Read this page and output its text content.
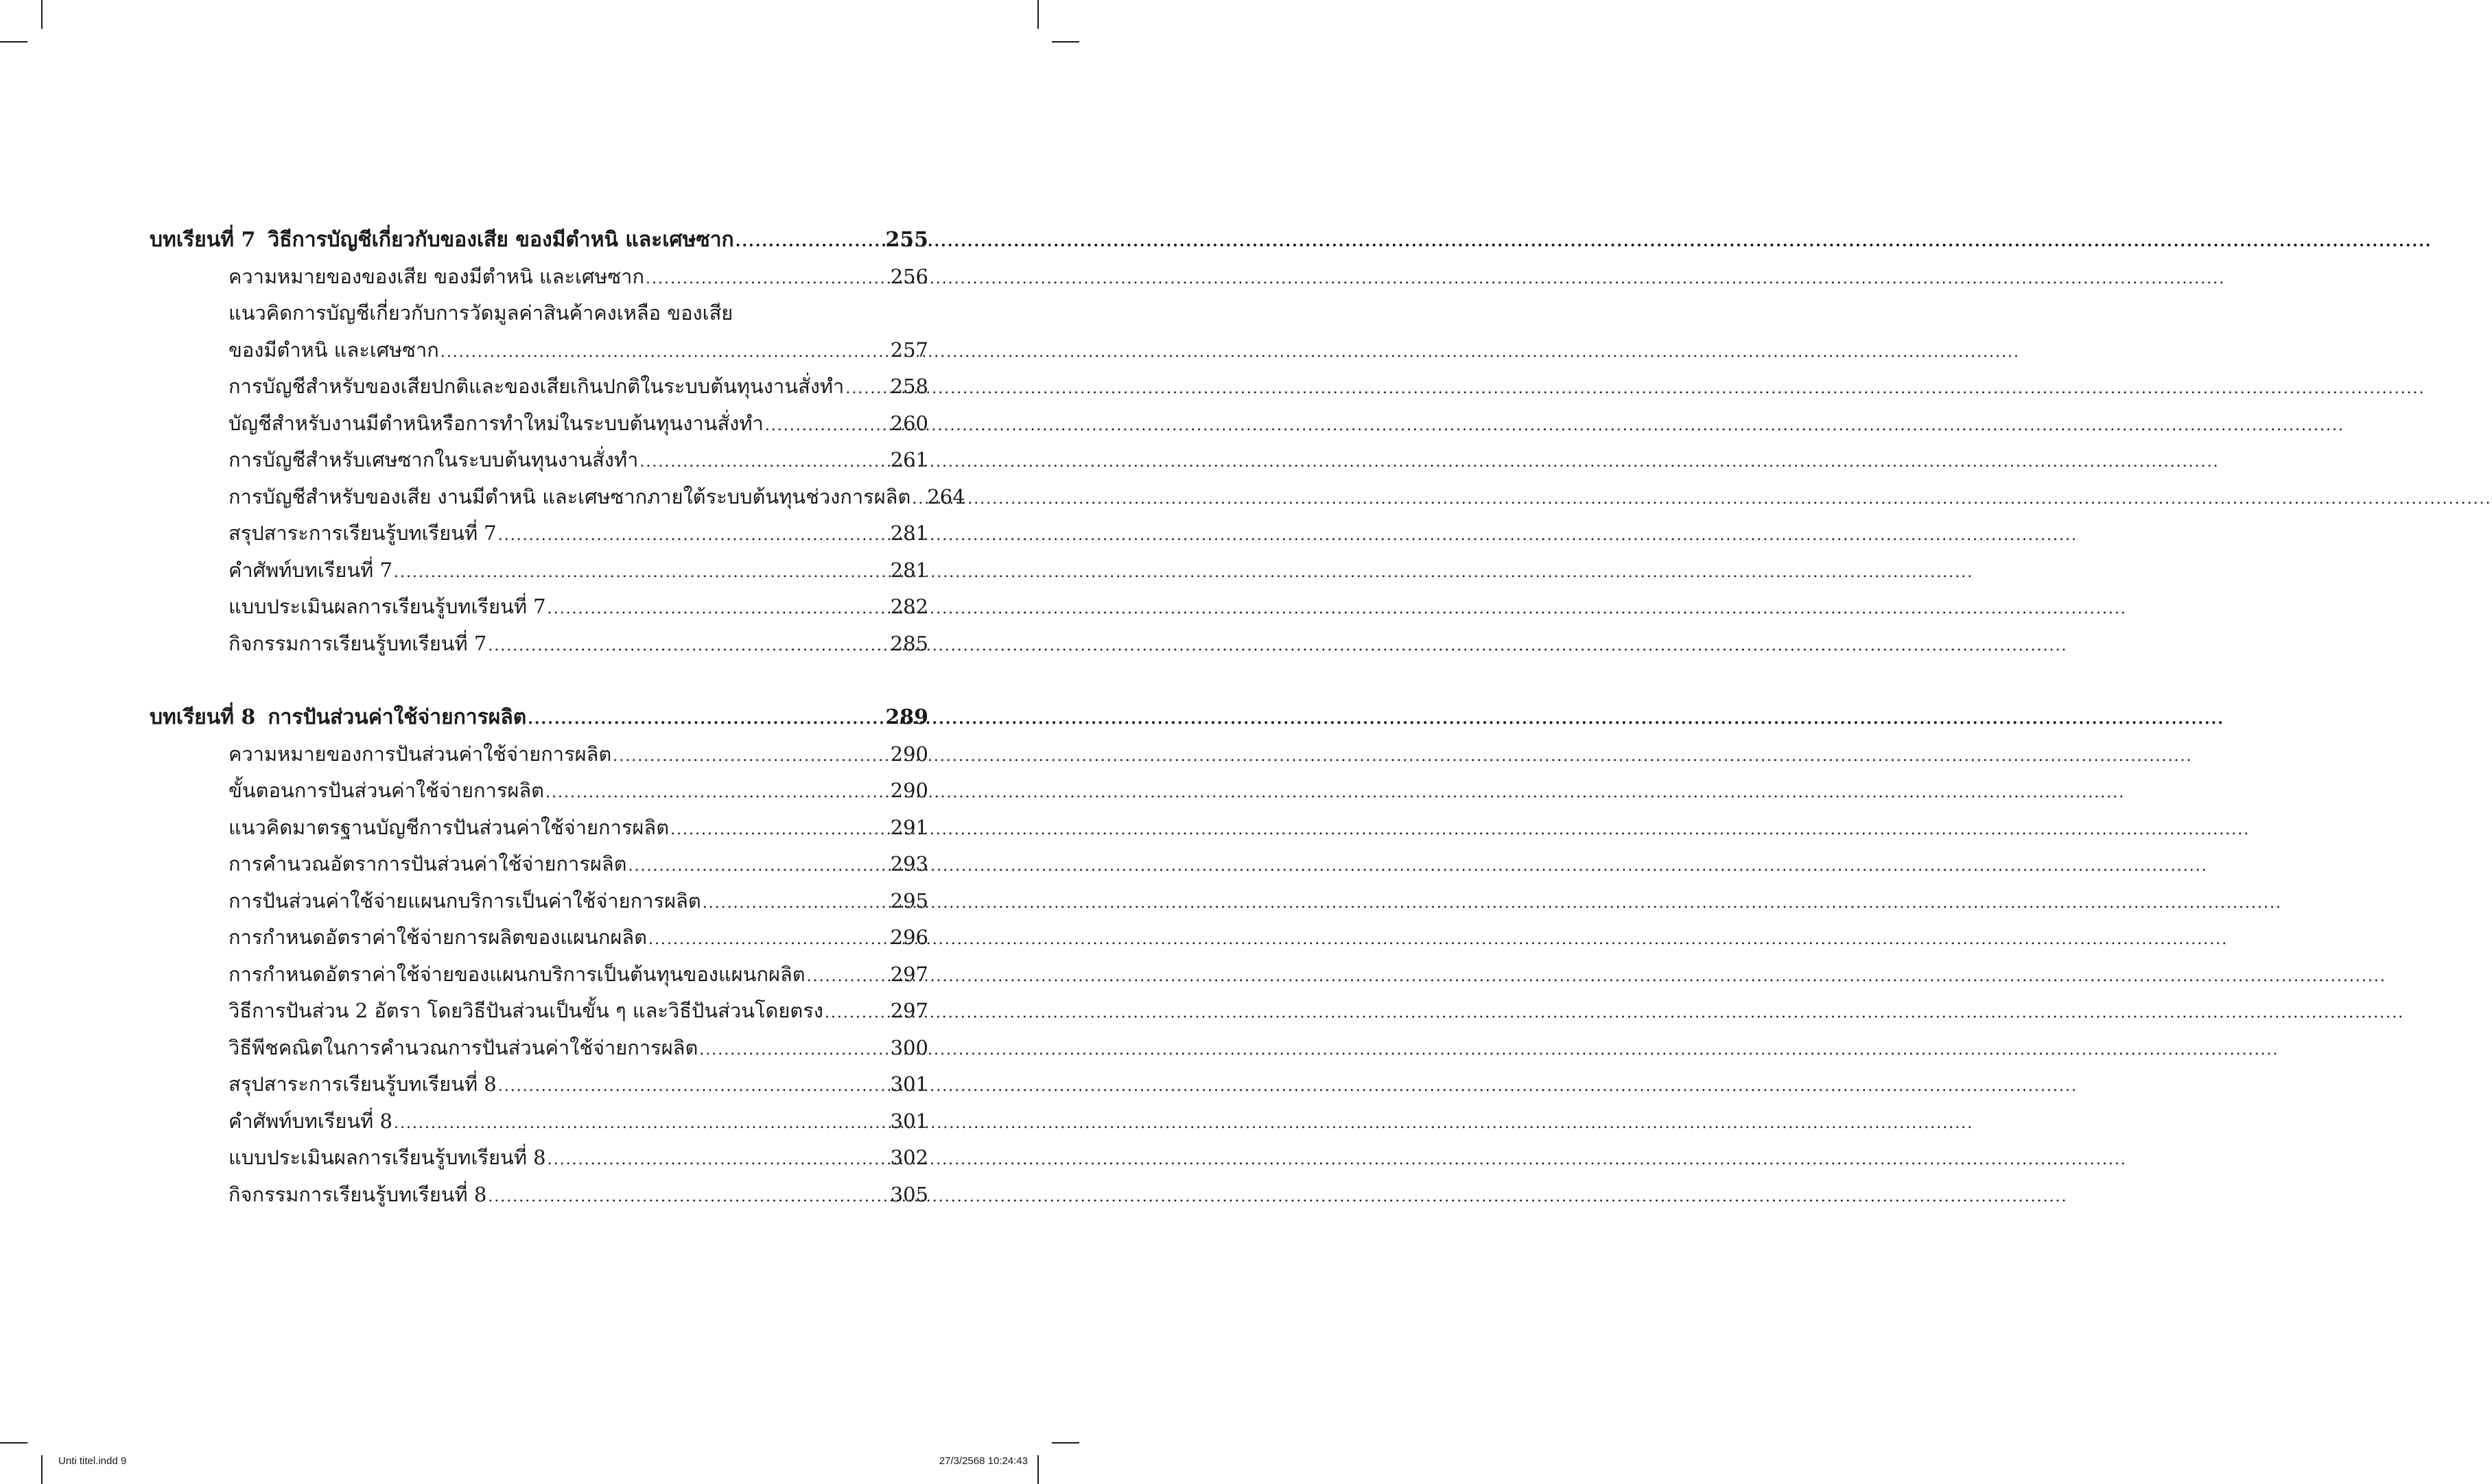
บทเรียนที่ 7 วิธีการบัญชีเกี่ยวกับของเสีย ของมีตำหนิ และเศษซาก .....	255
ความหมายของของเสีย ของมีตำหนิ และเศษซาก .....	256
แนวคิดการบัญชีเกี่ยวกับการวัดมูลค่าสินค้าคงเหลือ ของเสีย
ของมีตำหนิ และเศษซาก .....	257
การบัญชีสำหรับของเสียปกติและของเสียเกินปกติในระบบต้นทุนงานสั่งทำ ..... 258
บัญชีสำหรับงานมีตำหนิหรือการทำใหม่ในระบบต้นทุนงานสั่งทำ .....	260
การบัญชีสำหรับเศษซากในระบบต้นทุนงานสั่งทำ .....	261
การบัญชีสำหรับของเสีย งานมีตำหนิ และเศษซากภายใต้ระบบต้นทุนช่วงการผลิต ..... 264
สรุปสาระการเรียนรู้บทเรียนที่ 7 .....	281
คำศัพท์บทเรียนที่ 7 .....	281
แบบประเมินผลการเรียนรู้บทเรียนที่ 7 .....	282
กิจกรรมการเรียนรู้บทเรียนที่ 7 .....	285
บทเรียนที่ 8 การปันส่วนค่าใช้จ่ายการผลิต .....	289
ความหมายของการปันส่วนค่าใช้จ่ายการผลิต .....	290
ขั้นตอนการปันส่วนค่าใช้จ่ายการผลิต .....	290
แนวคิดมาตรฐานบัญชีการปันส่วนค่าใช้จ่ายการผลิต .....	291
การคำนวณอัตราการปันส่วนค่าใช้จ่ายการผลิต .....	293
การปันส่วนค่าใช้จ่ายแผนกบริการเป็นค่าใช้จ่ายการผลิต .....	295
การกำหนดอัตราค่าใช้จ่ายการผลิตของแผนกผลิต .....	296
การกำหนดอัตราค่าใช้จ่ายของแผนกบริการเป็นต้นทุนของแผนกผลิต .....	297
วิธีการปันส่วน 2 อัตรา โดยวิธีปันส่วนเป็นขั้น ๆ และวิธีปันส่วนโดยตรง .....	297
วิธีพีชคณิตในการคำนวณการปันส่วนค่าใช้จ่ายการผลิต .....	300
สรุปสาระการเรียนรู้บทเรียนที่ 8 .....	301
คำศัพท์บทเรียนที่ 8 .....	301
แบบประเมินผลการเรียนรู้บทเรียนที่ 8 .....	302
กิจกรรมการเรียนรู้บทเรียนที่ 8 .....	305
Unti titel.indd 9	27/3/2568 10:24:43
